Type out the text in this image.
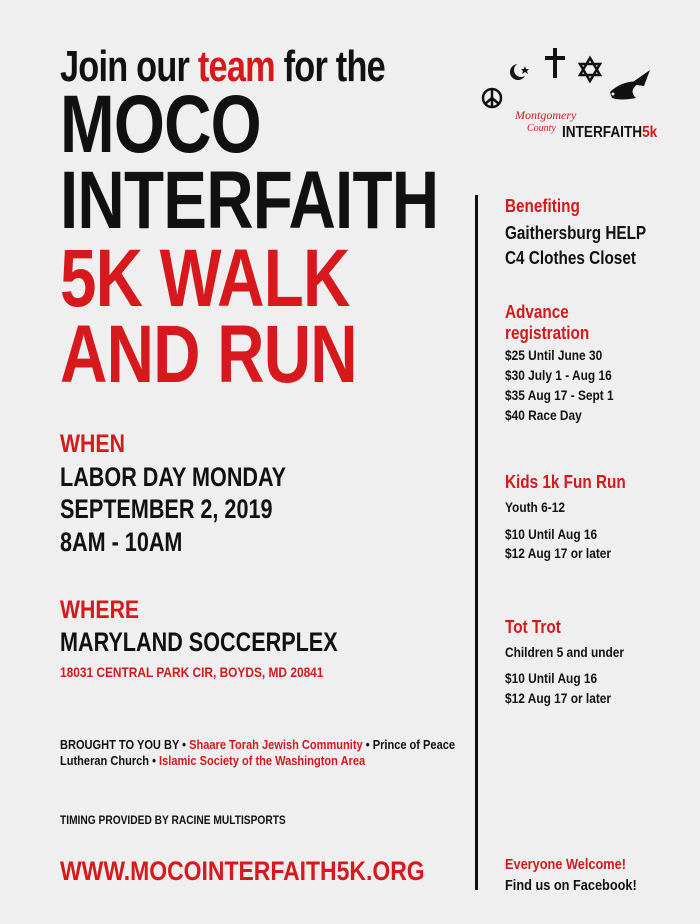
Join our team for the
MOCO
INTERFAITH
5K WALK
AND RUN
Montgomery
County INTERFAITH5k
WHEN
LABOR DAY MONDAY
SEPTEMBER 2, 2019
8AM - 10AM
WHERE
MARYLAND SOCCERPLEX
18031 CENTRAL PARK CIR, BOYDS, MD 20841
BROUGHT TO YOU BY • Shaare Torah Jewish Community • Prince of Peace Lutheran Church • Islamic Society of the Washington Area
TIMING PROVIDED BY RACINE MULTISPORTS
WWW.MOCOINTERFAITH5K.ORG
Benefiting
Gaithersburg HELP
C4 Clothes Closet
Advance
registration
$25 Until June 30
$30 July 1 - Aug 16
$35 Aug 17 - Sept 1
$40 Race Day
Kids 1k Fun Run
Youth 6-12
$10 Until Aug 16
$12 Aug 17 or later
Tot Trot
Children 5 and under
$10 Until Aug 16
$12 Aug 17 or later
Everyone Welcome!
Find us on Facebook!
